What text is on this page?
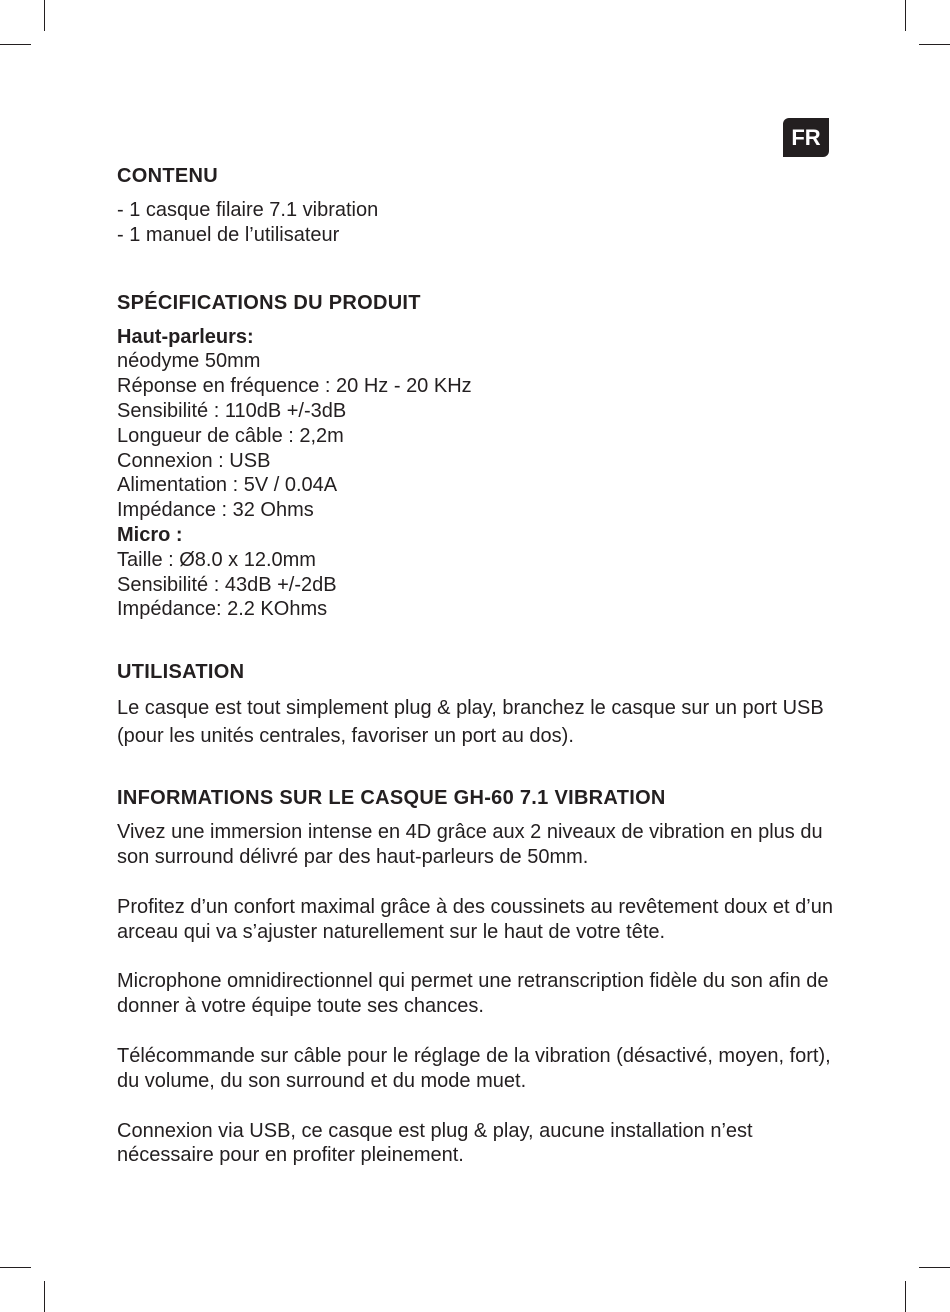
FR
CONTENU
- 1 casque filaire 7.1 vibration
- 1 manuel de l’utilisateur
SPÉCIFICATIONS DU PRODUIT
Haut-parleurs:
néodyme 50mm
Réponse en fréquence : 20 Hz - 20 KHz
Sensibilité : 110dB +/-3dB
Longueur de câble : 2,2m
Connexion : USB
Alimentation : 5V / 0.04A
Impédance : 32 Ohms
Micro :
Taille : Ø8.0 x 12.0mm
Sensibilité : 43dB +/-2dB
Impédance: 2.2 KOhms
UTILISATION

Le casque est tout simplement plug & play, branchez le casque sur un port USB (pour les unités centrales, favoriser un port au dos).

INFORMATIONS SUR LE CASQUE GH-60 7.1 VIBRATION

Vivez une immersion intense en 4D grâce aux 2 niveaux de vibration en plus du son surround délivré par des haut-parleurs de 50mm.

Profitez d’un confort maximal grâce à des coussinets au revêtement doux et d’un arceau qui va s’ajuster naturellement sur le haut de votre tête.

Microphone omnidirectionnel qui permet une retranscription fidèle du son afin de donner à votre équipe toute ses chances.

Télécommande sur câble pour le réglage de la vibration (désactivé, moyen, fort), du volume, du son surround et du mode muet.

Connexion via USB, ce casque est plug & play, aucune installation n’est nécessaire pour en profiter pleinement.
